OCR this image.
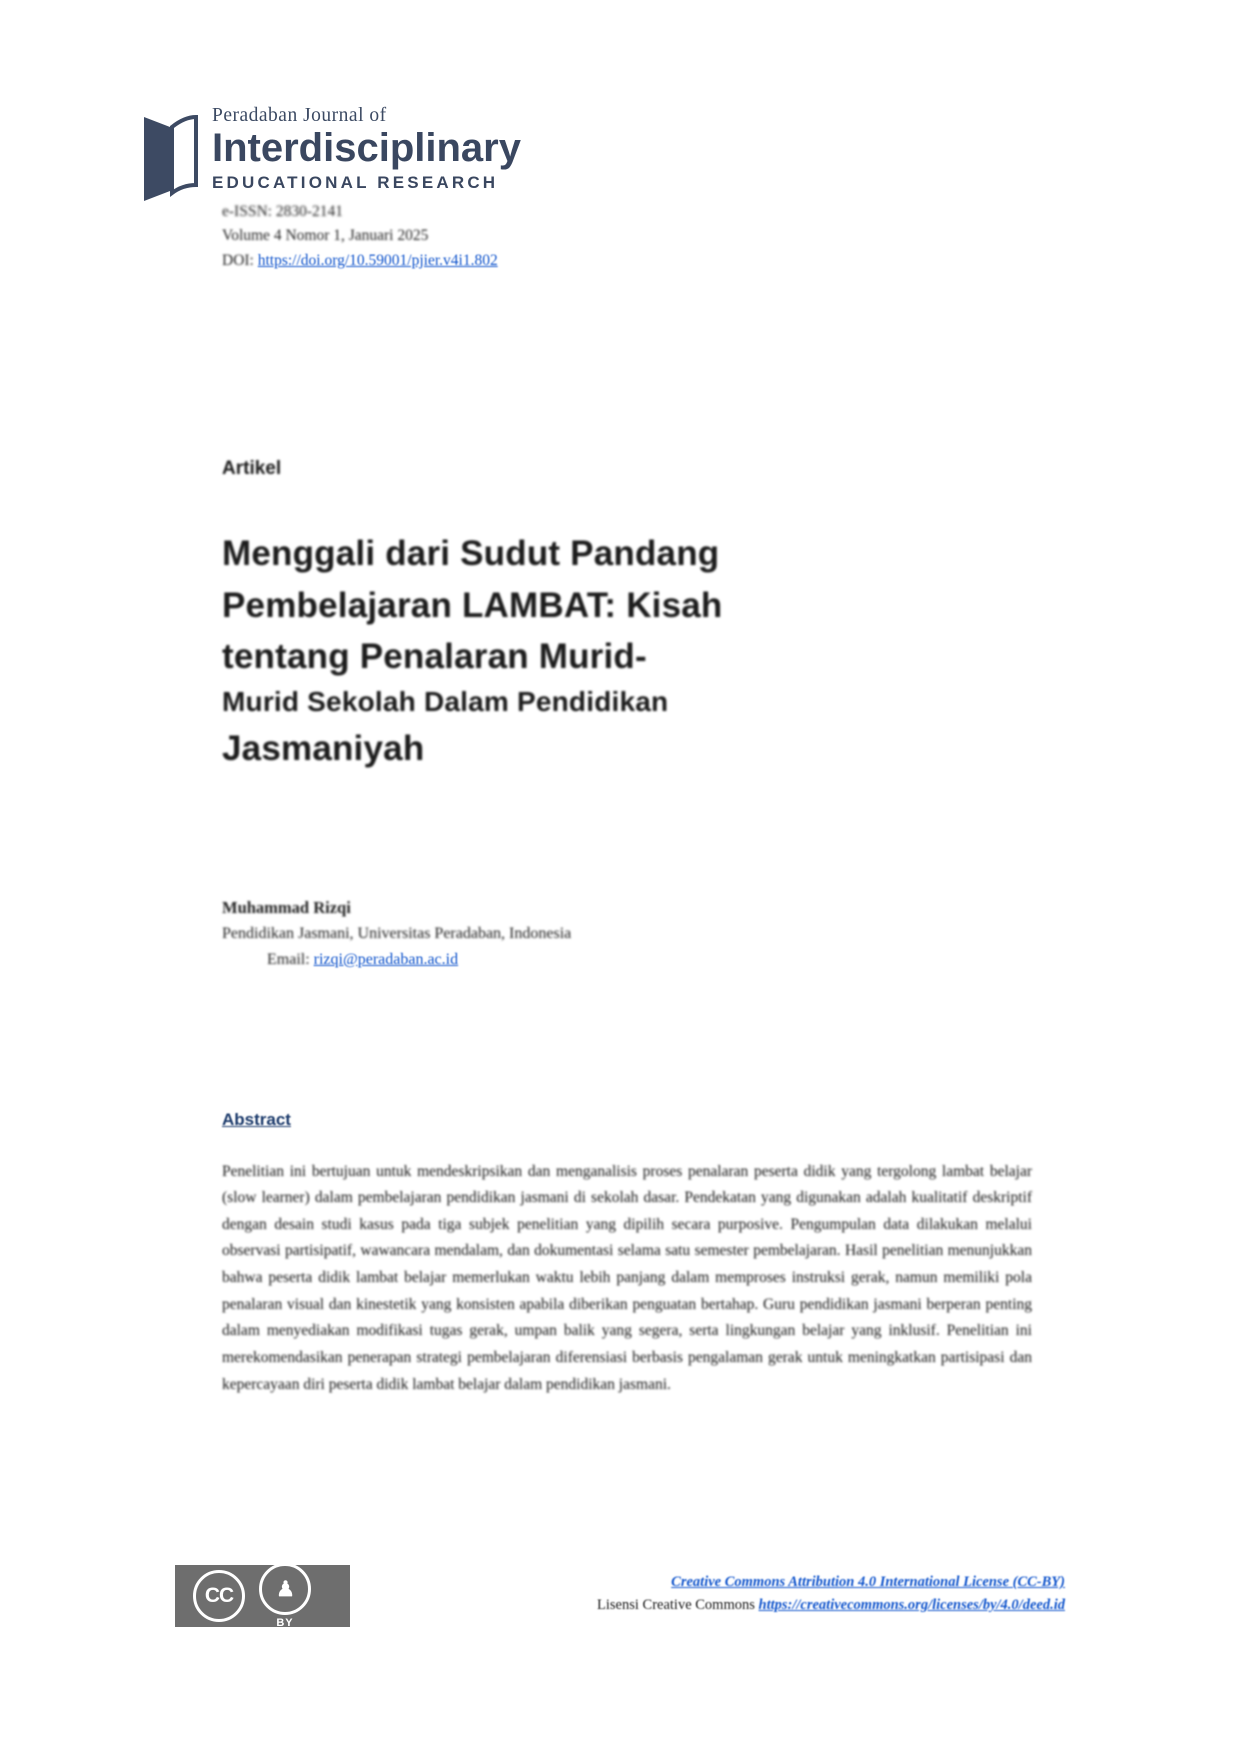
Peradaban Journal of
Interdisciplinary
EDUCATIONAL RESEARCH
e-ISSN: 2830-2141
Volume 4 Nomor 1, Januari 2025
DOI: https://doi.org/10.59001/pjier.v4i1.802
Artikel
Menggali dari Sudut Pandang
Pembelajaran LAMBAT: Kisah
tentang Penalaran Murid-
Murid Sekolah Dalam Pendidikan
Jasmaniyah
Muhammad Rizqi
Pendidikan Jasmani, Universitas Peradaban, Indonesia
Email: rizqi@peradaban.ac.id
Abstract

Penelitian ini bertujuan untuk mendeskripsikan dan menganalisis proses penalaran peserta didik yang tergolong lambat belajar (slow learner) dalam pembelajaran pendidikan jasmani di sekolah dasar. Pendekatan yang digunakan adalah kualitatif deskriptif dengan desain studi kasus pada tiga subjek penelitian yang dipilih secara purposive. Pengumpulan data dilakukan melalui observasi partisipatif, wawancara mendalam, dan dokumentasi selama satu semester pembelajaran. Hasil penelitian menunjukkan bahwa peserta didik lambat belajar memerlukan waktu lebih panjang dalam memproses instruksi gerak, namun memiliki pola penalaran visual dan kinestetik yang konsisten apabila diberikan penguatan bertahap. Guru pendidikan jasmani berperan penting dalam menyediakan modifikasi tugas gerak, umpan balik yang segera, serta lingkungan belajar yang inklusif. Penelitian ini merekomendasikan penerapan strategi pembelajaran diferensiasi berbasis pengalaman gerak untuk meningkatkan partisipasi dan kepercayaan diri peserta didik lambat belajar dalam pendidikan jasmani.

CC	♟
BY
Creative Commons Attribution 4.0 International License (CC-BY)
Lisensi Creative Commons https://creativecommons.org/licenses/by/4.0/deed.id
